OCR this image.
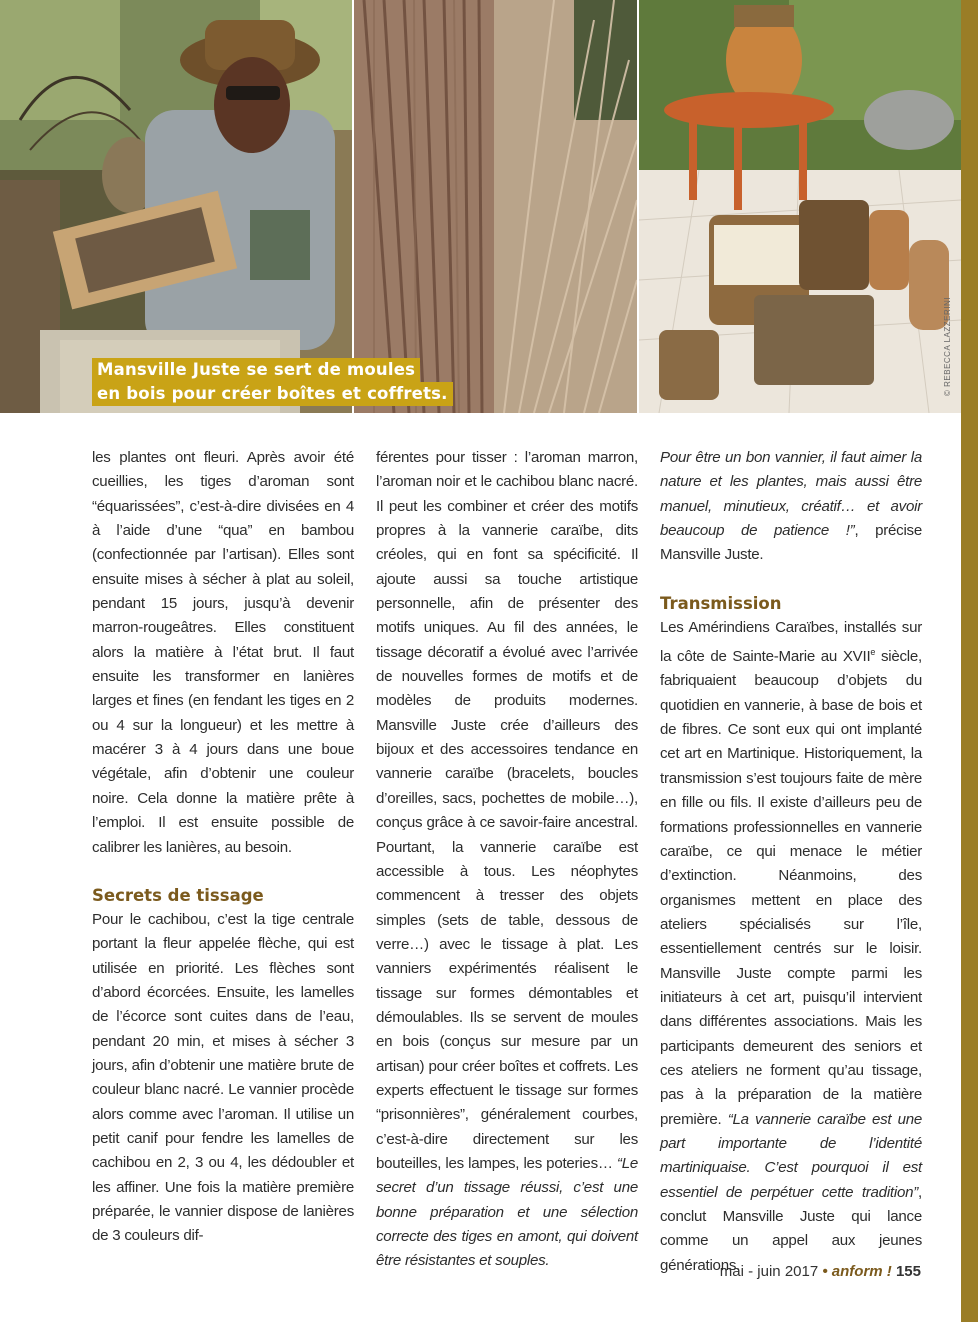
Mansville Juste se sert de moules
en bois pour créer boîtes et coffrets.	© REBECCA LAZZERINI

les plantes ont fleuri. Après avoir été cueillies, les tiges d’aroman sont “équarissées”, c’est-à-dire divisées en 4 à l’aide d’une “qua” en bambou (confectionnée par l’artisan). Elles sont ensuite mises à sécher à plat au soleil, pendant 15 jours, jusqu’à devenir marron-rougeâtres. Elles constituent alors la matière à l’état brut. Il faut ensuite les transformer en lanières larges et fines (en fendant les tiges en 2 ou 4 sur la longueur) et les mettre à macérer 3 à 4 jours dans une boue végétale, afin d’obtenir une couleur noire. Cela donne la matière prête à l’emploi. Il est ensuite possible de calibrer les lanières, au besoin.

Secrets de tissage

Pour le cachibou, c’est la tige centrale portant la fleur appelée flèche, qui est utilisée en priorité. Les flèches sont d’abord écorcées. Ensuite, les lamelles de l’écorce sont cuites dans de l’eau, pendant 20 min, et mises à sécher 3 jours, afin d’obtenir une matière brute de couleur blanc nacré. Le vannier procède alors comme avec l’aroman. Il utilise un petit canif pour fendre les lamelles de cachibou en 2, 3 ou 4, les dédoubler et les affiner. Une fois la matière première préparée, le vannier dispose de lanières de 3 couleurs dif-

férentes pour tisser : l’aroman marron, l’aroman noir et le cachibou blanc nacré. Il peut les combiner et créer des motifs propres à la vannerie caraïbe, dits créoles, qui en font sa spécificité. Il ajoute aussi sa touche artistique personnelle, afin de présenter des motifs uniques. Au fil des années, le tissage décoratif a évolué avec l’arrivée de nouvelles formes de motifs et de modèles de produits modernes. Mansville Juste crée d’ailleurs des bijoux et des accessoires tendance en vannerie caraïbe (bracelets, boucles d’oreilles, sacs, pochettes de mobile…), conçus grâce à ce savoir-faire ancestral. Pourtant, la vannerie caraïbe est accessible à tous. Les néophytes commencent à tresser des objets simples (sets de table, dessous de verre…) avec le tissage à plat. Les vanniers expérimentés réalisent le tissage sur formes démontables et démoulables. Ils se servent de moules en bois (conçus sur mesure par un artisan) pour créer boîtes et coffrets. Les experts effectuent le tissage sur formes “prisonnières”, généralement courbes, c’est-à-dire directement sur les bouteilles, les lampes, les poteries… “Le secret d’un tissage réussi, c’est une bonne préparation et une sélection correcte des tiges en amont, qui doivent être résistantes et souples.

Pour être un bon vannier, il faut aimer la nature et les plantes, mais aussi être manuel, minutieux, créatif… et avoir beaucoup de patience !”, précise Mansville Juste.

Transmission

Les Amérindiens Caraïbes, installés sur la côte de Sainte-Marie au XVIIe siècle, fabriquaient beaucoup d’objets du quotidien en vannerie, à base de bois et de fibres. Ce sont eux qui ont implanté cet art en Martinique. Historiquement, la transmission s’est toujours faite de mère en fille ou fils. Il existe d’ailleurs peu de formations professionnelles en vannerie caraïbe, ce qui menace le métier d’extinction. Néanmoins, des organismes mettent en place des ateliers spécialisés sur l’île, essentiellement centrés sur le loisir. Mansville Juste compte parmi les initiateurs à cet art, puisqu’il intervient dans différentes associations. Mais les participants demeurent des seniors et ces ateliers ne forment qu’au tissage, pas à la préparation de la matière première. “La vannerie caraïbe est une part importante de l’identité martiniquaise. C’est pourquoi il est essentiel de perpétuer cette tradition”, conclut Mansville Juste qui lance comme un appel aux jeunes générations.

mai - juin 2017 • anform ! 155
